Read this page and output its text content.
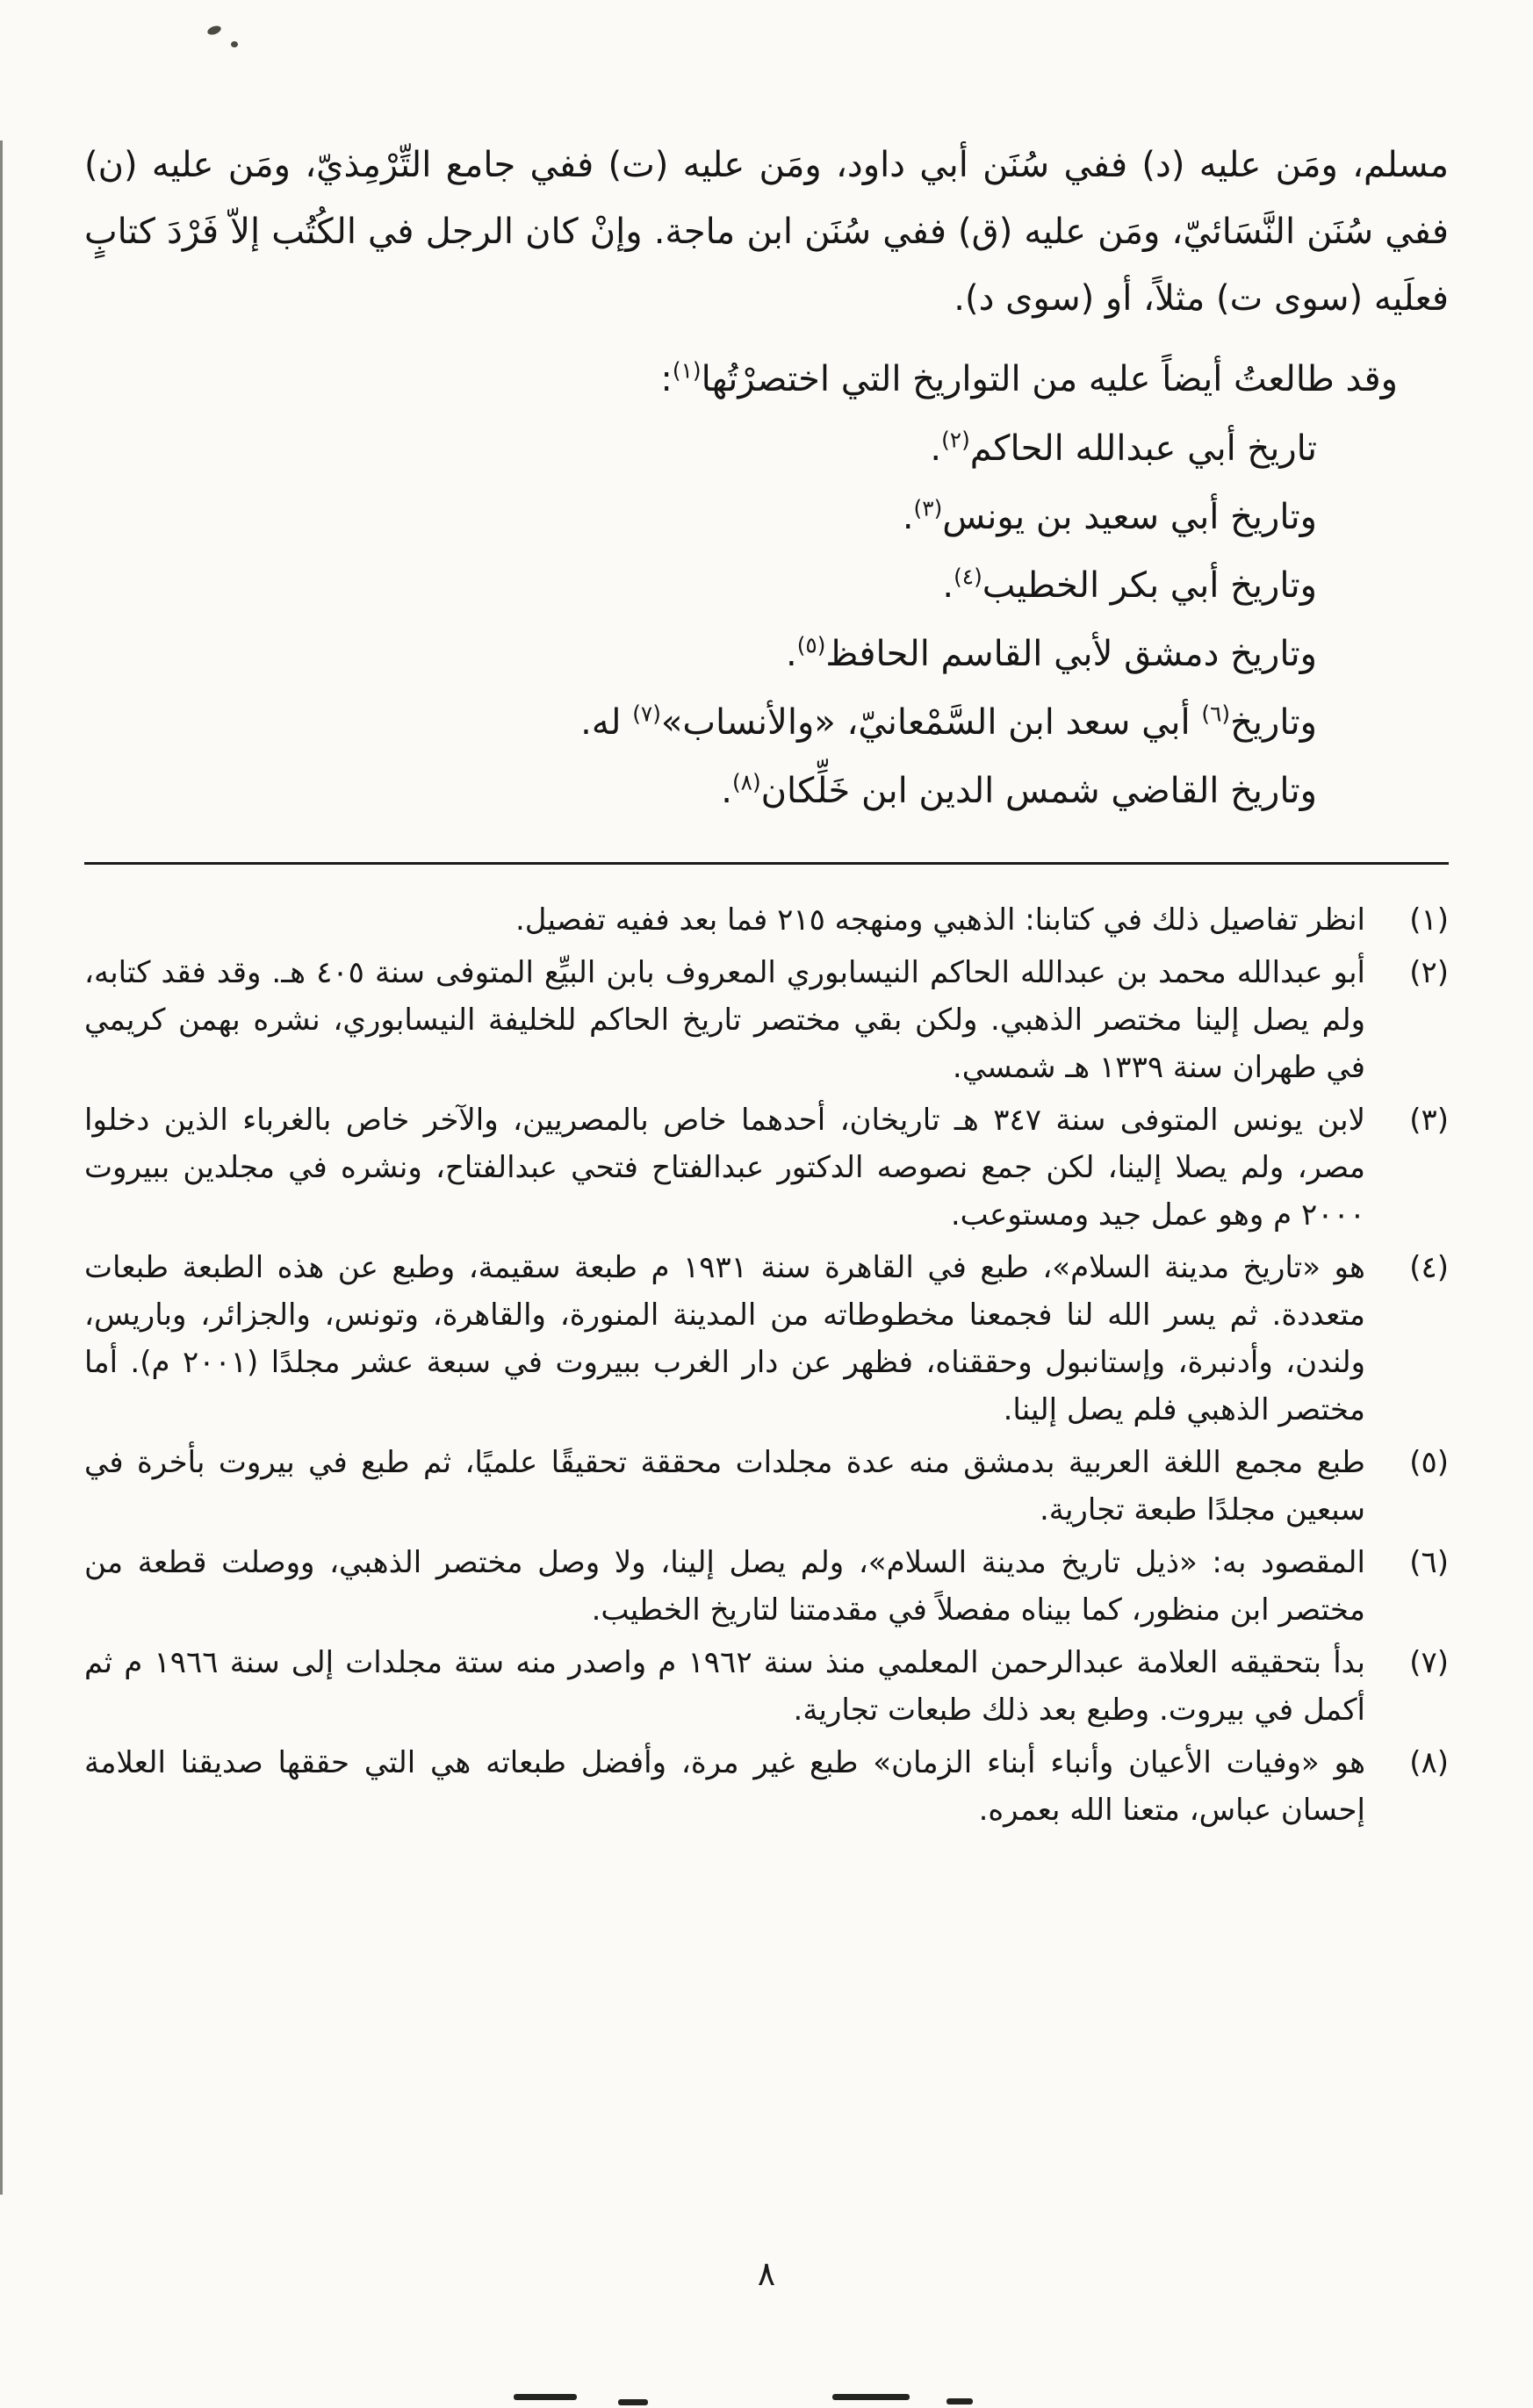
مسلم، ومَن عليه (د) ففي سُنَن أبي داود، ومَن عليه (ت) ففي جامع التِّرْمِذيّ، ومَن عليه (ن) ففي سُنَن النَّسَائيّ، ومَن عليه (ق) ففي سُنَن ابن ماجة. وإنْ كان الرجل في الكُتُب إلاّ فَرْدَ كتابٍ فعلَيه (سوى ت) مثلاً، أو (سوى د).

وقد طالعتُ أيضاً عليه من التواريخ التي اختصرْتُها$^{(١)}$:

تاريخ أبي عبدالله الحاكم$^{(٢)}$.

وتاريخ أبي سعيد بن يونس$^{(٣)}$.

وتاريخ أبي بكر الخطيب$^{(٤)}$.

وتاريخ دمشق لأبي القاسم الحافظ$^{(٥)}$.

وتاريخ$^{(٦)}$ أبي سعد ابن السَّمْعانيّ، «والأنساب»$^{(٧)}$ له.

وتاريخ القاضي شمس الدين ابن خَلِّكان$^{(٨)}$.

(١)
انظر تفاصيل ذلك في كتابنا: الذهبي ومنهجه ٢١٥ فما بعد ففيه تفصيل.
(٢)
أبو عبدالله محمد بن عبدالله الحاكم النيسابوري المعروف بابن البيِّع المتوفى سنة ٤٠٥ هـ. وقد فقد كتابه، ولم يصل إلينا مختصر الذهبي. ولكن بقي مختصر تاريخ الحاكم للخليفة النيسابوري، نشره بهمن كريمي في طهران سنة ١٣٣٩ هـ شمسي.
(٣)
لابن يونس المتوفى سنة ٣٤٧ هـ تاريخان، أحدهما خاص بالمصريين، والآخر خاص بالغرباء الذين دخلوا مصر، ولم يصلا إلينا، لكن جمع نصوصه الدكتور عبدالفتاح فتحي عبدالفتاح، ونشره في مجلدين ببيروت ٢٠٠٠ م وهو عمل جيد ومستوعب.
(٤)
هو «تاريخ مدينة السلام»، طبع في القاهرة سنة ١٩٣١ م طبعة سقيمة، وطبع عن هذه الطبعة طبعات متعددة. ثم يسر الله لنا فجمعنا مخطوطاته من المدينة المنورة، والقاهرة، وتونس، والجزائر، وباريس، ولندن، وأدنبرة، وإستانبول وحققناه، فظهر عن دار الغرب ببيروت في سبعة عشر مجلدًا (٢٠٠١ م). أما مختصر الذهبي فلم يصل إلينا.
(٥)
طبع مجمع اللغة العربية بدمشق منه عدة مجلدات محققة تحقيقًا علميًا، ثم طبع في بيروت بأخرة في سبعين مجلدًا طبعة تجارية.
(٦)
المقصود به: «ذيل تاريخ مدينة السلام»، ولم يصل إلينا، ولا وصل مختصر الذهبي، ووصلت قطعة من مختصر ابن منظور، كما بيناه مفصلاً في مقدمتنا لتاريخ الخطيب.
(٧)
بدأ بتحقيقه العلامة عبدالرحمن المعلمي منذ سنة ١٩٦٢ م واصدر منه ستة مجلدات إلى سنة ١٩٦٦ م ثم أكمل في بيروت. وطبع بعد ذلك طبعات تجارية.
(٨)
هو «وفيات الأعيان وأنباء أبناء الزمان» طبع غير مرة، وأفضل طبعاته هي التي حققها صديقنا العلامة إحسان عباس، متعنا الله بعمره.
٨
